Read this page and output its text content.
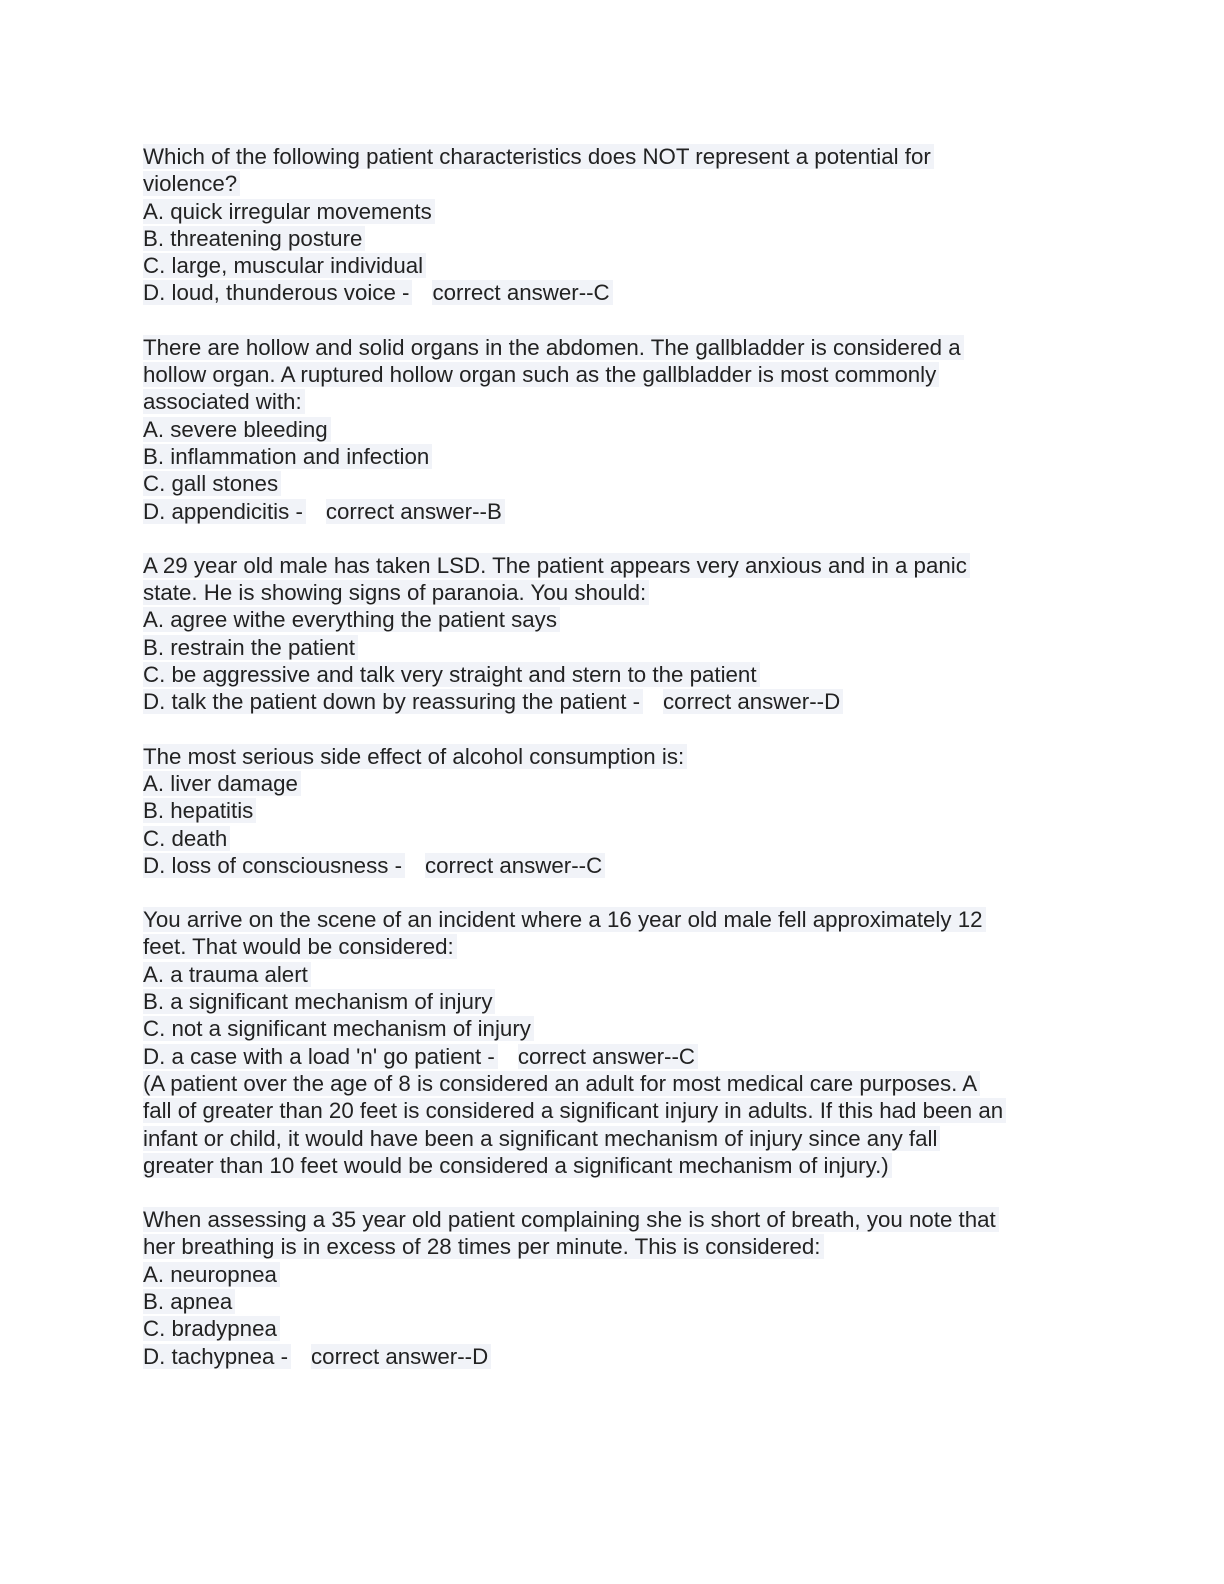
Which of the following patient characteristics does NOT represent a potential for
violence?
A. quick irregular movements
B. threatening posture
C. large, muscular individual
D. loud, thunderous voice - correct answer--C
There are hollow and solid organs in the abdomen. The gallbladder is considered a
hollow organ. A ruptured hollow organ such as the gallbladder is most commonly
associated with:
A. severe bleeding
B. inflammation and infection
C. gall stones
D. appendicitis - correct answer--B
A 29 year old male has taken LSD. The patient appears very anxious and in a panic
state. He is showing signs of paranoia. You should:
A. agree withe everything the patient says
B. restrain the patient
C. be aggressive and talk very straight and stern to the patient
D. talk the patient down by reassuring the patient - correct answer--D
The most serious side effect of alcohol consumption is:
A. liver damage
B. hepatitis
C. death
D. loss of consciousness - correct answer--C
You arrive on the scene of an incident where a 16 year old male fell approximately 12
feet. That would be considered:
A. a trauma alert
B. a significant mechanism of injury
C. not a significant mechanism of injury
D. a case with a load 'n' go patient - correct answer--C
(A patient over the age of 8 is considered an adult for most medical care purposes. A
fall of greater than 20 feet is considered a significant injury in adults. If this had been an
infant or child, it would have been a significant mechanism of injury since any fall
greater than 10 feet would be considered a significant mechanism of injury.)
When assessing a 35 year old patient complaining she is short of breath, you note that
her breathing is in excess of 28 times per minute. This is considered:
A. neuropnea
B. apnea
C. bradypnea
D. tachypnea - correct answer--D
